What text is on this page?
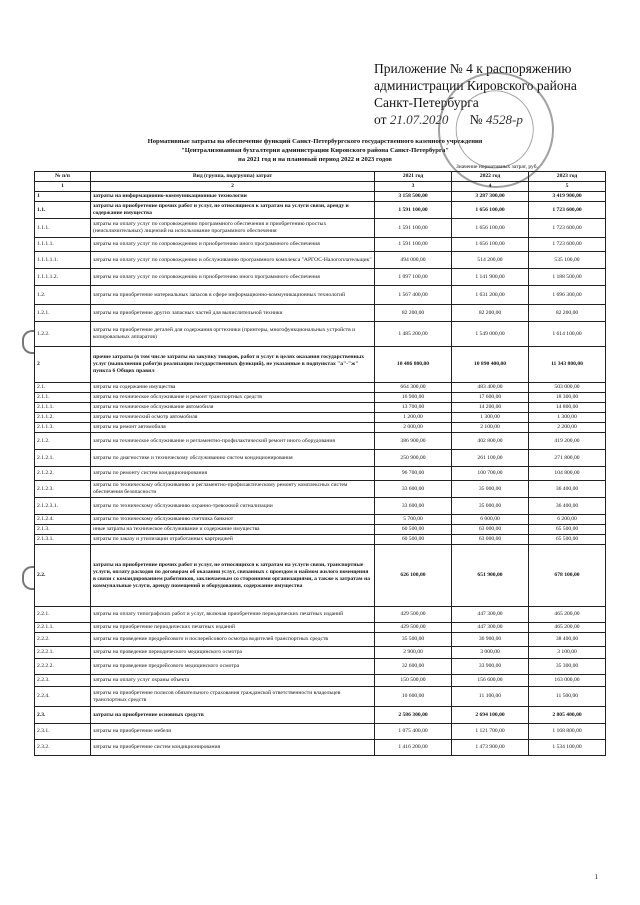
Приложение № 4 к распоряжению
администрации Кировского района
Санкт-Петербурга
от 21.07.2020 № 4528-р
Нормативные затраты на обеспечение функций Санкт-Петербургского государственного казенного учреждения
"Централизованная бухгалтерия администрации Кировского района Санкт-Петербурга"
на 2021 год и на плановый период 2022 и 2023 годов
Значение нормативных затрат, руб.
№ п/п	Вид (группа, подгруппа) затрат	2021 год	2022 год	2023 год
1	2	3	4	5
1	затраты на информационно-коммуникационные технологии	3 158 500,00	3 287 300,00	3 419 900,00
1.1.	затраты на приобретение прочих работ и услуг, не относящиеся к затратам на услуги связи, аренду и содержание имущества	1 591 100,00	1 656 100,00	1 723 600,00
1.1.1.	затраты на оплату услуг по сопровождению программного обеспечения и приобретению простых (неисключительных) лицензий на использование программного обеспечения	1 591 100,00	1 656 100,00	1 723 600,00
1.1.1.1.	затраты на оплату услуг по сопровождению и приобретению иного программного обеспечения	1 591 100,00	1 656 100,00	1 723 600,00
1.1.1.1.1.	затраты на оплату услуг по сопровождению и обслуживанию программного комплекса "АРГОС-Налогоплательщик"	494 000,00	514 200,00	535 100,00
1.1.1.1.2.	затраты на оплату услуг по сопровождению и приобретению иного программного обеспечения	1 097 100,00	1 141 900,00	1 188 500,00
1.2.	затраты на приобретение материальных запасов в сфере информационно-коммуникационных технологий	1 567 400,00	1 631 200,00	1 696 300,00
1.2.1.	затраты на приобретение других запасных частей для вычислительной техники	82 200,00	82 200,00	82 200,00
1.2.2.	затраты на приобретение деталей для содержания оргтехники (принтеры, многофункциональных устройств и копировальных аппаратов)	1 485 200,00	1 549 000,00	1 614 100,00
2	прочие затраты (в том числе затраты на закупку товаров, работ и услуг в целях оказания государственных услуг (выполнения работ)и реализации государственных функций), не указанные в подпунктах "а"-"ж" пункта 6 Общих правил	10 486 800,00	10 890 400,00	11 343 800,00
2.1.	затраты на содержание имущества	664 300,00	483 400,00	503 000,00
2.1.1.	затраты на техническое обслуживание и ремонт транспортных средств	16 900,00	17 600,00	18 300,00
2.1.1.1.	затраты на техническое обслуживание автомобиля	13 700,00	14 200,00	14 800,00
2.1.1.2.	затраты на технический осмотр автомобиля	1 200,00	1 300,00	1 300,00
2.1.1.3.	затраты на ремонт автомобиля	2 000,00	2 100,00	2 200,00
2.1.2.	затраты на техническое обслуживание и регламентно-профилактический ремонт иного оборудования	386 900,00	402 800,00	419 200,00
2.1.2.1.	затраты по диагностике и техническому обслуживанию систем кондиционирования	250 900,00	261 100,00	271 800,00
2.1.2.2.	затраты по ремонту систем кондиционирования	96 700,00	100 700,00	104 800,00
2.1.2.3.	затраты по техническому обслуживанию и регламентно-профилактическому ремонту комплексных систем обеспечения безопасности	33 600,00	35 000,00	36 400,00
2.1.2.3.1.	затраты по техническому обслуживанию охранно-тревожной сигнализации	33 600,00	35 000,00	36 400,00
2.1.2.4.	затраты по техническому обслуживанию счетчика банкнот	5 700,00	6 000,00	6 200,00
2.1.3.	иные затраты на техническое обслуживание и содержание имущества	60 500,00	63 000,00	65 500,00
2.1.3.1.	затраты по заказу и утилизации отработанных картриджей	60 500,00	63 000,00	65 500,00
2.2.	затраты на приобретение прочих работ и услуг, не относящихся к затратам на услуги связи, транспортные услуги, оплату расходов по договорам об оказании услуг, связанных с проездом и наймом жилого помещения в связи с командированием работников, заключаемым со сторонними организациями, а также к затратам на коммунальные услуги, аренду помещений и оборудования, содержание имущества	626 100,00	651 900,00	678 100,00
2.2.1.	затраты на оплату типографских работ и услуг, включая приобретение периодических печатных изданий	429 500,00	447 300,00	465 200,00
2.2.1.1.	затраты на приобретение периодических печатных изданий	429 500,00	447 300,00	465 200,00
2.2.2.	затраты на проведение предрейсового и послерейсового осмотра водителей транспортных средств	35 500,00	36 900,00	38 400,00
2.2.2.1.	затраты на проведение периодического медицинского осмотра	2 900,00	3 000,00	3 100,00
2.2.2.2.	затраты на проведение предрейсового медицинского осмотра	32 600,00	33 900,00	35 300,00
2.2.3.	затраты на оплату услуг охраны объекта	150 500,00	156 600,00	163 000,00
2.2.4.	затраты на приобретение полисов обязательного страхования гражданской ответственности владельцев транспортных средств	10 600,00	11 100,00	11 500,00
2.3.	затраты на приобретение основных средств	2 586 300,00	2 694 100,00	2 805 400,00
2.3.1.	затраты на приобретение мебели	1 075 400,00	1 121 700,00	1 168 800,00
2.3.2.	затраты на приобретение систем кондиционирования	1 416 200,00	1 473 900,00	1 534 100,00
1
